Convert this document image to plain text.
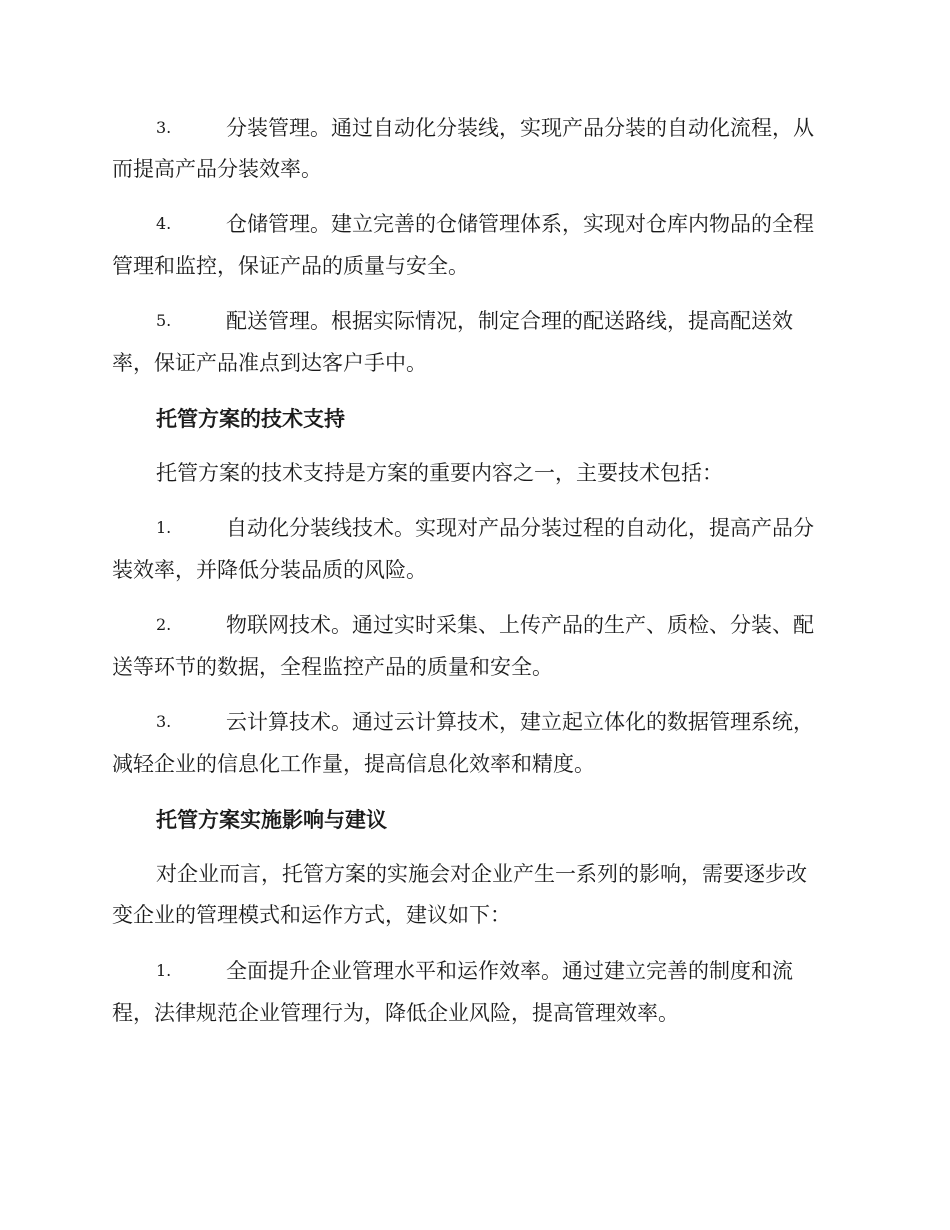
3.	分装管理。通过自动化分装线，实现产品分装的自动化流程，从
而提高产品分装效率。
4.	仓储管理。建立完善的仓储管理体系，实现对仓库内物品的全程
管理和监控，保证产品的质量与安全。
5.	配送管理。根据实际情况，制定合理的配送路线，提高配送效
率，保证产品准点到达客户手中。
托管方案的技术支持
托管方案的技术支持是方案的重要内容之一，主要技术包括：
1.	自动化分装线技术。实现对产品分装过程的自动化，提高产品分
装效率，并降低分装品质的风险。
2.	物联网技术。通过实时采集、上传产品的生产、质检、分装、配
送等环节的数据，全程监控产品的质量和安全。
3.	云计算技术。通过云计算技术，建立起立体化的数据管理系统，
减轻企业的信息化工作量，提高信息化效率和精度。
托管方案实施影响与建议
对企业而言，托管方案的实施会对企业产生一系列的影响，需要逐步改
变企业的管理模式和运作方式，建议如下：
1.	全面提升企业管理水平和运作效率。通过建立完善的制度和流
程，法律规范企业管理行为，降低企业风险，提高管理效率。
